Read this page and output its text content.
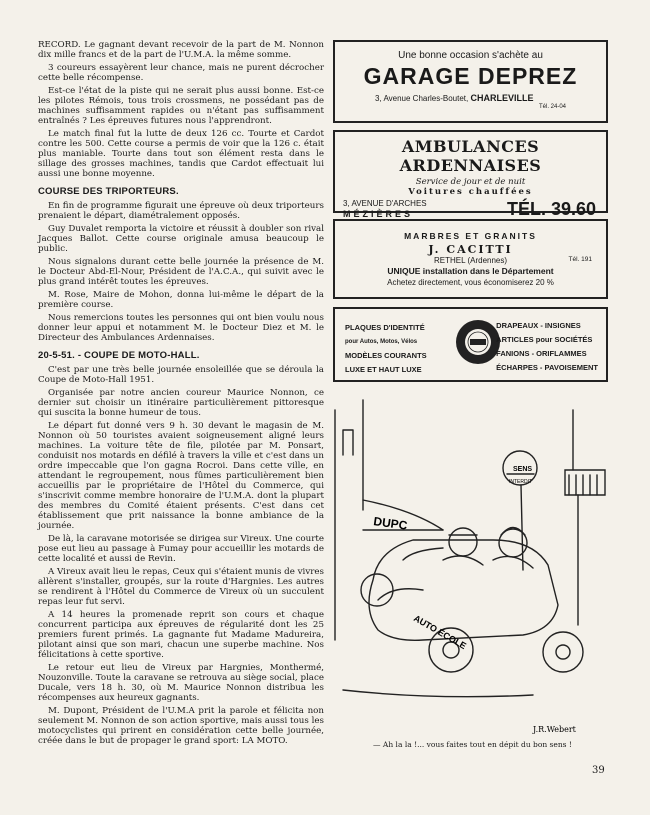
RECORD. Le gagnant devant recevoir de la part de M. Nonnon dix mille francs et de la part de l'U.M.A. la même somme.

3 coureurs essayèrent leur chance, mais ne purent décrocher cette belle récompense.

Est-ce l'état de la piste qui ne serait plus aussi bonne. Est-ce les pilotes Rémois, tous trois crossmens, ne possédant pas de machines suffisamment rapides ou n'étant pas suffisamment entraînés ? Les épreuves futures nous l'apprendront.

Le match final fut la lutte de deux 126 cc. Tourte et Cardot contre les 500. Cette course a permis de voir que la 126 c. était plus maniable. Tourte dans tout son élément resta dans le sillage des grosses machines, tandis que Cardot effectuait lui aussi une bonne moyenne.

COURSE DES TRIPORTEURS.

En fin de programme figurait une épreuve où deux triporteurs prenaient le départ, diamétralement opposés.

Guy Duvalet remporta la victoire et réussit à doubler son rival Jacques Ballot. Cette course originale amusa beaucoup le public.

Nous signalons durant cette belle journée la présence de M. le Docteur Abd-El-Nour, Président de l'A.C.A., qui suivit avec le plus grand intérêt toutes les épreuves.

M. Rose, Maire de Mohon, donna lui-même le départ de la première course.

Nous remercions toutes les personnes qui ont bien voulu nous donner leur appui et notamment M. le Docteur Diez et M. le Directeur des Ambulances Ardennaises.

20-5-51. - COUPE DE MOTO-HALL.

C'est par une très belle journée ensoleillée que se déroula la Coupe de Moto-Hall 1951.

Organisée par notre ancien coureur Maurice Nonnon, ce dernier sut choisir un itinéraire particulièrement pittoresque qui suscita la bonne humeur de tous.

Le départ fut donné vers 9 h. 30 devant le magasin de M. Nonnon où 50 touristes avaient soigneusement aligné leurs machines. La voiture tête de file, pilotée par M. Ponsart, conduisit nos motards en défilé à travers la ville et c'est dans un ordre impeccable que l'on gagna Rocroi. Dans cette ville, en attendant le regroupement, nous fûmes particulièrement bien accueillis par le propriétaire de l'Hôtel du Commerce, qui s'inscrivit comme membre honoraire de l'U.M.A. dont la plupart des membres du Comité étaient présents. C'est dans cet établissement que prit naissance la bonne ambiance de la journée.

De là, la caravane motorisée se dirigea sur Vireux. Une courte pose eut lieu au passage à Fumay pour accueillir les motards de cette localité et aussi de Revin.

A Vireux avait lieu le repas, Ceux qui s'étaient munis de vivres allèrent s'installer, groupés, sur la route d'Hargnies. Les autres se rendirent à l'Hôtel du Commerce de Vireux où un succulent repas leur fut servi.

A 14 heures la promenade reprit son cours et chaque concurrent participa aux épreuves de régularité dont les 25 premiers furent primés. La gagnante fut Madame Madureira, pilotant ainsi que son mari, chacun une superbe machine. Nos félicitations à cette sportive.

Le retour eut lieu de Vireux par Hargnies, Monthermé, Nouzonville. Toute la caravane se retrouva au siège social, place Ducale, vers 18 h. 30, où M. Maurice Nonnon distribua les récompenses aux heureux gagnants.

M. Dupont, Président de l'U.M.A prit la parole et félicita non seulement M. Nonnon de son action sportive, mais aussi tous les motocyclistes qui prirent en considération cette belle journée, créée dans le but de propager le grand sport: LA MOTO.

Une bonne occasion s'achète au
GARAGE DEPREZ
3, Avenue Charles-Boutet, CHARLEVILLE
Tél. 24-04
AMBULANCES ARDENNAISES
Service de jour et de nuit
Voitures chauffées
3, AVENUE D'ARCHES
MÉZIÈRES	TÉL. 39.60
MARBRES ET GRANITS
J. CACITTI
RETHEL (Ardennes)	Tél. 191
UNIQUE installation dans le Département
Achetez directement, vous économiserez 20 %
PLAQUES D'IDENTITÉ
pour Autos, Motos, Vélos
MODÈLES COURANTS
LUXE ET HAUT LUXE
DRAPEAUX - INSIGNES
ARTICLES pour SOCIÉTÉS
FANIONS - ORIFLAMMES
ÉCHARPES - PAVOISEMENT
SENS
INTERDIT
DUPC
AUTO ÉCOLE
J.R.Webert
— Ah la la !... vous faites tout en dépit du bon sens !
39
